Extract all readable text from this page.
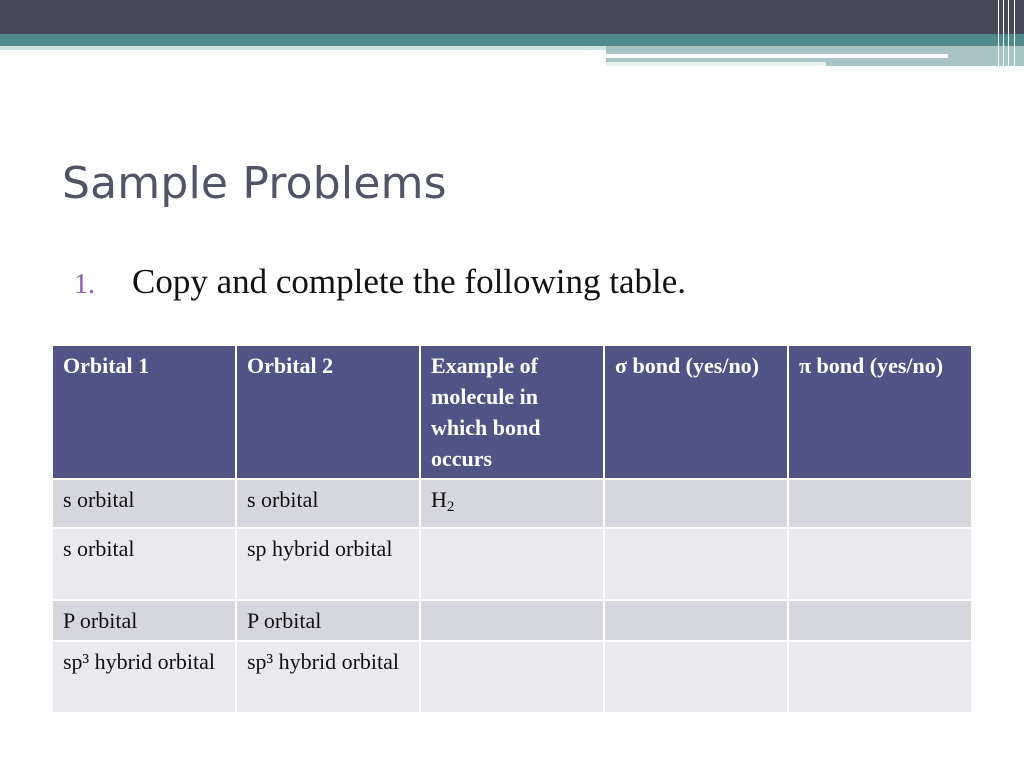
Sample Problems
1. Copy and complete the following table.
Orbital 1	Orbital 2	Example of molecule in which bond occurs	σ bond (yes/no)	π bond (yes/no)
s orbital	s orbital	$H_2$		
s orbital	sp hybrid orbital			
P orbital	P orbital			
sp³ hybrid orbital	sp³ hybrid orbital			
